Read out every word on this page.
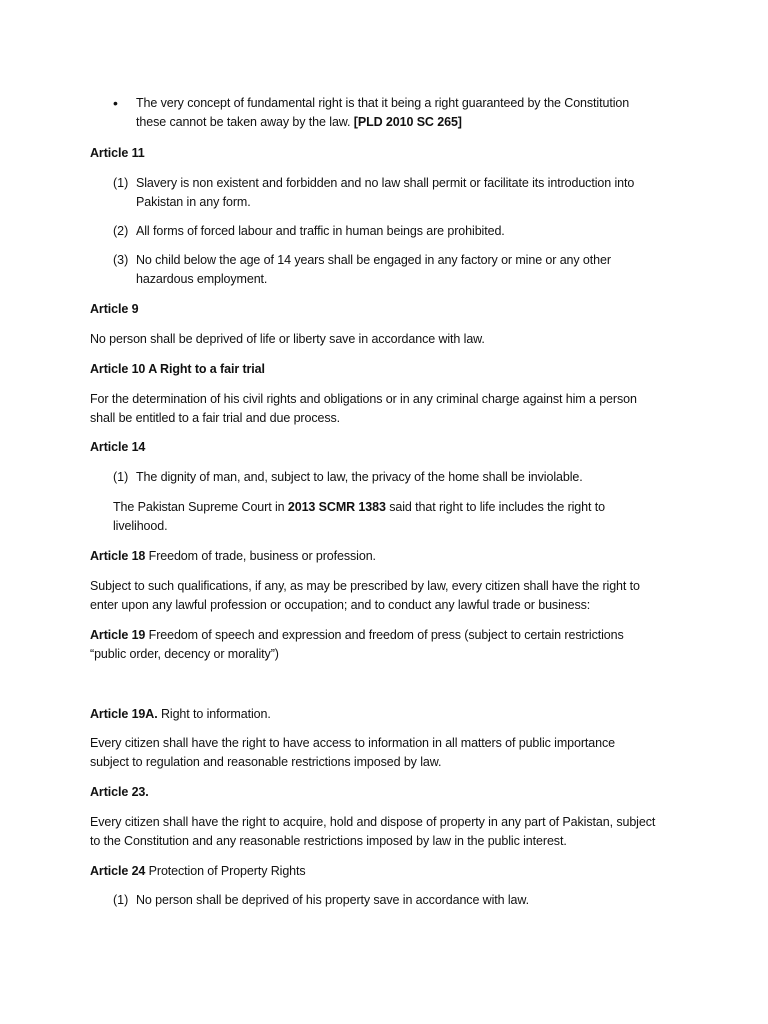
• The very concept of fundamental right is that it being a right guaranteed by the Constitution
these cannot be taken away by the law. [PLD 2010 SC 265]
Article 11
(1) Slavery is non existent and forbidden and no law shall permit or facilitate its introduction into
Pakistan in any form.
(2) All forms of forced labour and traffic in human beings are prohibited.
(3) No child below the age of 14 years shall be engaged in any factory or mine or any other
hazardous employment.
Article 9
No person shall be deprived of life or liberty save in accordance with law.
Article 10 A Right to a fair trial
For the determination of his civil rights and obligations or in any criminal charge against him a person
shall be entitled to a fair trial and due process.
Article 14
(1) The dignity of man, and, subject to law, the privacy of the home shall be inviolable.
The Pakistan Supreme Court in 2013 SCMR 1383 said that right to life includes the right to
livelihood.
Article 18 Freedom of trade, business or profession.
Subject to such qualifications, if any, as may be prescribed by law, every citizen shall have the right to
enter upon any lawful profession or occupation; and to conduct any lawful trade or business:
Article 19 Freedom of speech and expression and freedom of press (subject to certain restrictions
“public order, decency or morality”)
Article 19A. Right to information.
Every citizen shall have the right to have access to information in all matters of public importance
subject to regulation and reasonable restrictions imposed by law.
Article 23.
Every citizen shall have the right to acquire, hold and dispose of property in any part of Pakistan, subject
to the Constitution and any reasonable restrictions imposed by law in the public interest.
Article 24 Protection of Property Rights
(1) No person shall be deprived of his property save in accordance with law.
